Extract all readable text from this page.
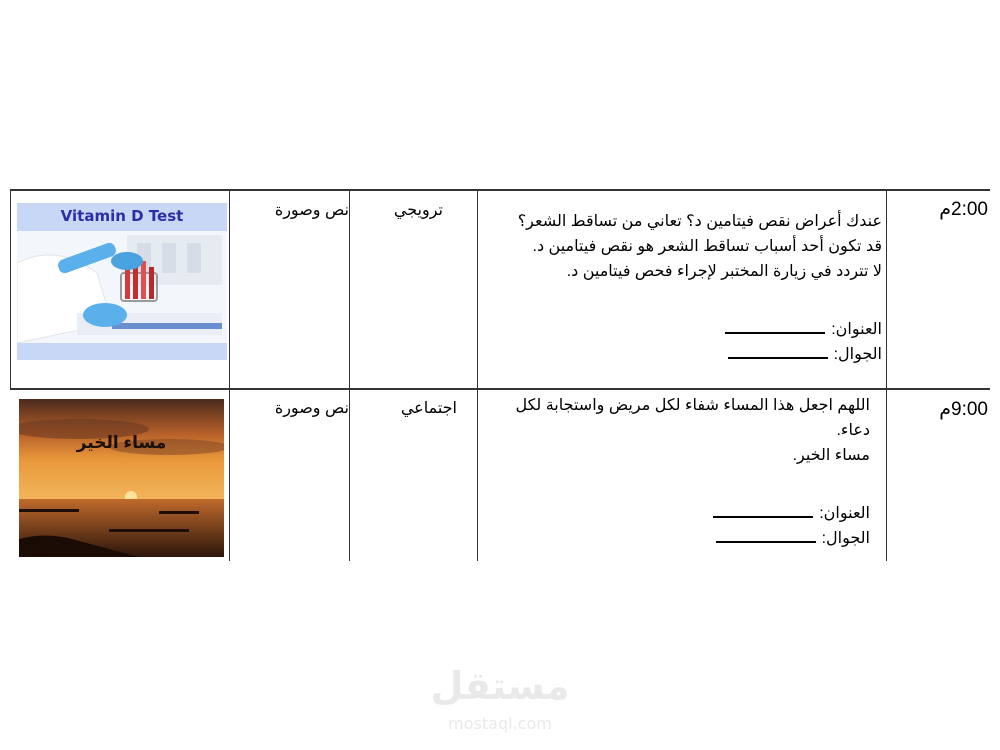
2:00م
عندك أعراض نقص فيتامين د؟ تعاني من تساقط الشعر؟
قد تكون أحد أسباب تساقط الشعر هو نقص فيتامين د.
لا تتردد في زيارة المختبر لإجراء فحص فيتامين د.
العنوان:
الجوال:
ترويجي
نص وصورة
Vitamin D Test
9:00م
اللهم اجعل هذا المساء شفاء لكل مريض واستجابة لكل
دعاء.
مساء الخير.
العنوان:
الجوال:
اجتماعي
نص وصورة
مساء الخير
مستقل
mostaql.com
